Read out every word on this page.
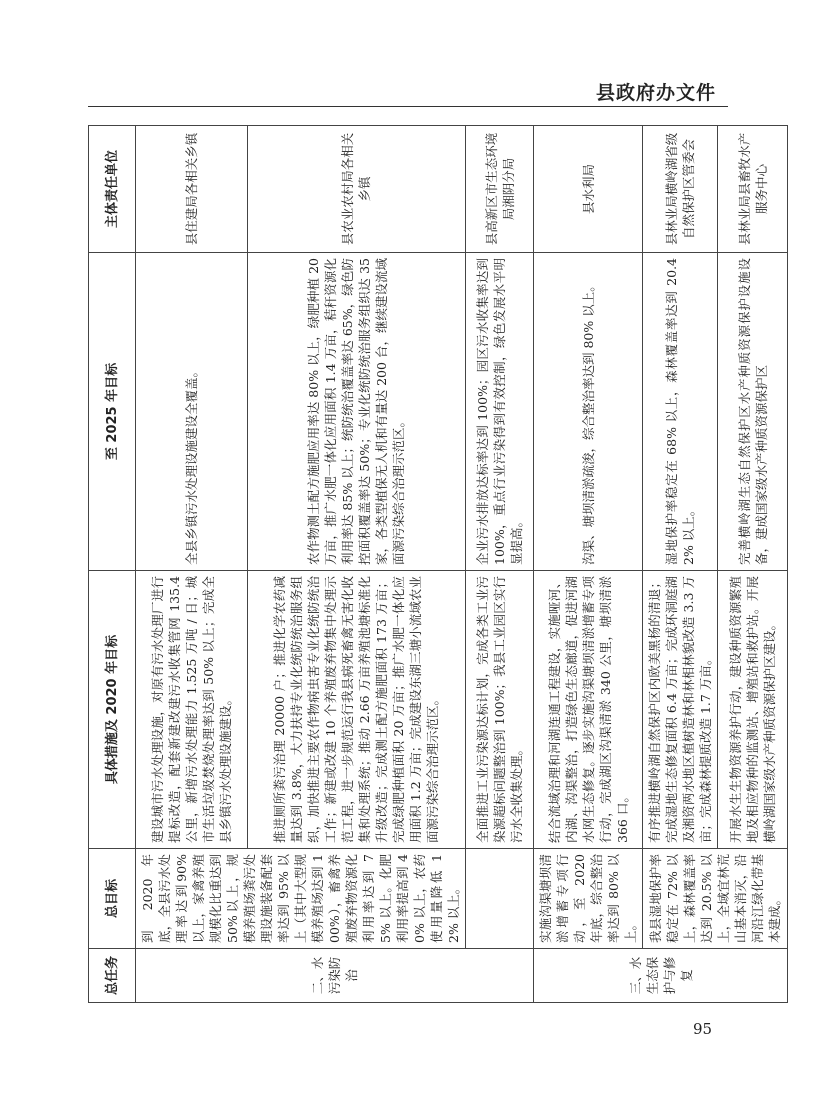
县政府办文件
总任务	总目标	具体措施及 2020 年目标	至 2025 年目标	主体责任单位
二、水污染防治	到 2020 年底，全县污水处理率达到90%以上，家禽养殖规模化比重达到 50%以上，规模养殖场粪污处理设施装备配套率达到 95% 以上（其中大型规模养殖场达到 100%），畜禽养殖废弃物资源化利用率达到 75% 以上。化肥利用率提高到 40% 以上，农药使用量降低 12% 以上。	建设城市污水处理设施，对原有污水处理厂进行提标改造，配套新建改建污水收集管网 135.4 公里，新增污水处理能力 1.525 万吨 / 日；城市生活垃圾焚烧处理率达到 50% 以上；完成全县乡镇污水处理设施建设。	全县乡镇污水处理设施建设全覆盖。	县住建局各相关乡镇
		推进厕所粪污治理 20000 户；推进化学农药减量达到 3.8%，大力扶持专业化统防统治服务组织，加快推进主要农作物病虫害专业化统防统治工作；新建或改建 10 个养殖废弃物集中处理示范工程，进一步规范运行我县病死畜禽无害化收集和处理系统；推动 2.66 万亩养殖池塘标准化升级改造；完成测土配方施肥面积 173 万亩；完成绿肥种植面积 20 万亩；推广水肥一体化应用面积 1.2 万亩；完成建设东湖三塘小流域农业面源污染综合治理示范区。	农作物测土配方施肥应用率达 80% 以上，绿肥种植 20 万亩，推广水肥一体化应用面积 1.4 万亩，秸秆资源化利用率达 85% 以上；统防统治覆盖率达 65%，绿色防控面积覆盖率达 50%；专业化统防统治服务组织达 35 家，各类型植保无人机和有量达 200 台，继续建设流域面源污染综合治理示范区。	县农业农村局各相关乡镇
		全面推进工业污染源达标计划，完成各类工业污染源超标问题整治到 100%；我县工业园区实行污水全收集处理。	企业污水排放达标率达到 100%；园区污水收集率达到 100%，重点行业污染得到有效控制，绿色发展水平明显提高。	县高新区市生态环境局湘阴分局
三、水生态保护与修复	实施沟渠塘坝清淤增蓄专项行动，至 2020 年底，综合整治率达到 80% 以上。	结合流域治理和河湖连通工程建设，实施哑河、内湖、沟渠整治，打造绿色生态廊道，促进河湖水网生态修复。逐步实施沟渠塘坝清淤增蓄专项行动，完成湖区沟渠清淤 340 公里，塘坝清淤 366 口。	沟渠、塘坝清淤疏浚，综合整治率达到 80% 以上。	县水利局
	我县湿地保护率稳定在 72% 以上，森林覆盖率达到 20.5% 以上，全域宜林荒山基本消灭，沿河沿江绿化带基本建成。	有序推进横岭湖自然保护区内欧美黑杨的清退；完成湿地生态修复面积 6.4 万亩；完成环洞庭湖及湘资两水地区植树造林和林相林貌改造 3.3 万亩；完成森林提质改造 1.7 万亩。	湿地保护率稳定在 68% 以上，森林覆盖率达到 20.42% 以上。	县林业局横岭湖省级自然保护区管委会
		开展水生生物资源养护行动，建设种质资源繁殖地及相应物种的监测站、增殖站和救护站。开展横岭湖国家级水产种质资源保护区建设。	完善横岭湖生态自然保护区水产种质资源保护设施设备，建成国家级水产种质资源保护区	县林业局县畜牧水产服务中心
95
